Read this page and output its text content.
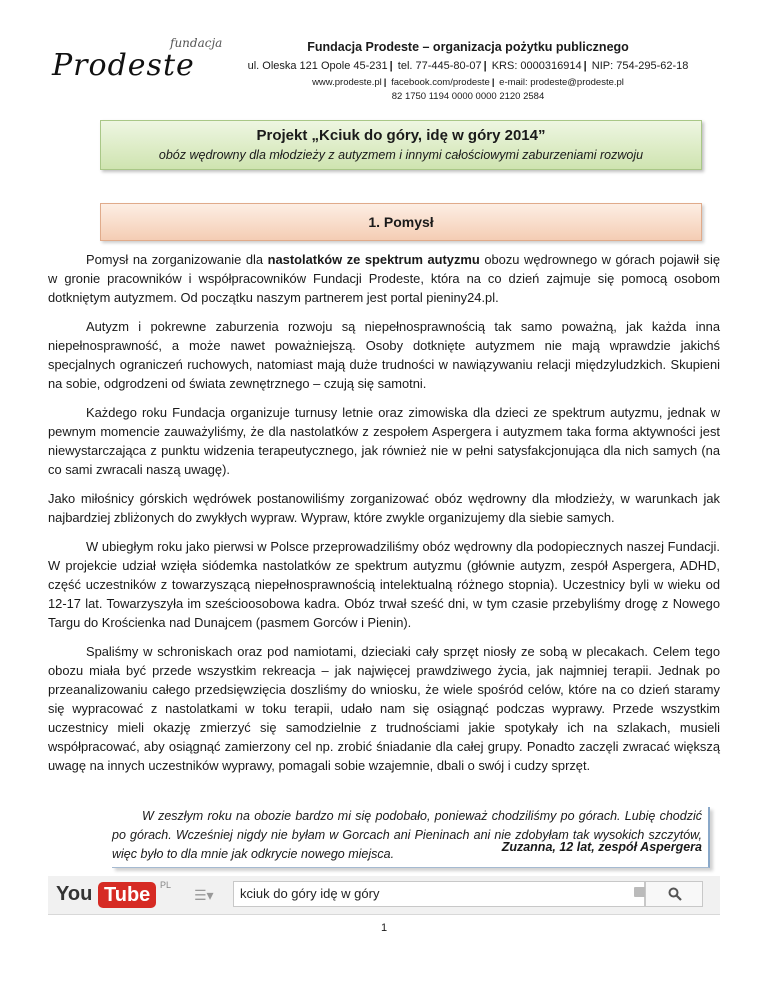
fundacja
Prodeste
Fundacja Prodeste – organizacja pożytku publicznego
ul. Oleska 121 Opole 45-231 | tel. 77-445-80-07 | KRS: 0000316914 | NIP: 754-295-62-18
www.prodeste.pl | facebook.com/prodeste | e-mail: prodeste@prodeste.pl
82 1750 1194 0000 0000 2120 2584
Projekt „Kciuk do góry, idę w góry 2014”
obóz wędrowny dla młodzieży z autyzmem i innymi całościowymi zaburzeniami rozwoju
1. Pomysł

Pomysł na zorganizowanie dla nastolatków ze spektrum autyzmu obozu wędrownego w górach pojawił się w gronie pracowników i współpracowników Fundacji Prodeste, która na co dzień zajmuje się pomocą osobom dotkniętym autyzmem. Od początku naszym partnerem jest portal pieniny24.pl.

Autyzm i pokrewne zaburzenia rozwoju są niepełnosprawnością tak samo poważną, jak każda inna niepełnosprawność, a może nawet poważniejszą. Osoby dotknięte autyzmem nie mają wprawdzie jakichś specjalnych ograniczeń ruchowych, natomiast mają duże trudności w nawiązywaniu relacji międzyludzkich. Skupieni na sobie, odgrodzeni od świata zewnętrznego – czują się samotni.

Każdego roku Fundacja organizuje turnusy letnie oraz zimowiska dla dzieci ze spektrum autyzmu, jednak w pewnym momencie zauważyliśmy, że dla nastolatków z zespołem Aspergera i autyzmem taka forma aktywności jest niewystarczająca z punktu widzenia terapeutycznego, jak również nie w pełni satysfakcjonująca dla nich samych (na co sami zwracali naszą uwagę).

Jako miłośnicy górskich wędrówek postanowiliśmy zorganizować obóz wędrowny dla młodzieży, w warunkach jak najbardziej zbliżonych do zwykłych wypraw. Wypraw, które zwykle organizujemy dla siebie samych.

W ubiegłym roku jako pierwsi w Polsce przeprowadziliśmy obóz wędrowny dla podopiecznych naszej Fundacji. W projekcie udział wzięła siódemka nastolatków ze spektrum autyzmu (głównie autyzm, zespół Aspergera, ADHD, część uczestników z towarzyszącą niepełnosprawnością intelektualną różnego stopnia). Uczestnicy byli w wieku od 12-17 lat. Towarzyszyła im sześcioosobowa kadra. Obóz trwał sześć dni, w tym czasie przebyliśmy drogę z Nowego Targu do Krościenka nad Dunajcem (pasmem Gorców i Pienin).

Spaliśmy w schroniskach oraz pod namiotami, dzieciaki cały sprzęt niosły ze sobą w plecakach. Celem tego obozu miała być przede wszystkim rekreacja – jak najwięcej prawdziwego życia, jak najmniej terapii. Jednak po przeanalizowaniu całego przedsięwzięcia doszliśmy do wniosku, że wiele spośród celów, które na co dzień staramy się wypracować z nastolatkami w toku terapii, udało nam się osiągnąć podczas wyprawy. Przede wszystkim uczestnicy mieli okazję zmierzyć się samodzielnie z trudnościami jakie spotykały ich na szlakach, musieli współpracować, aby osiągnąć zamierzony cel np. zrobić śniadanie dla całej grupy. Ponadto zaczęli zwracać większą uwagę na innych uczestników wyprawy, pomagali sobie wzajemnie, dbali o swój i cudzy sprzęt.

W zeszłym roku na obozie bardzo mi się podobało, ponieważ chodziliśmy po górach. Lubię chodzić po górach. Wcześniej nigdy nie byłam w Gorcach ani Pieninach ani nie zdobyłam tak wysokich szczytów, więc było to dla mnie jak odkrycie nowego miejsca.	Zuzanna, 12 lat, zespół Aspergera
You Tube	PL
☰▾	kciuk do góry idę w góry
1
